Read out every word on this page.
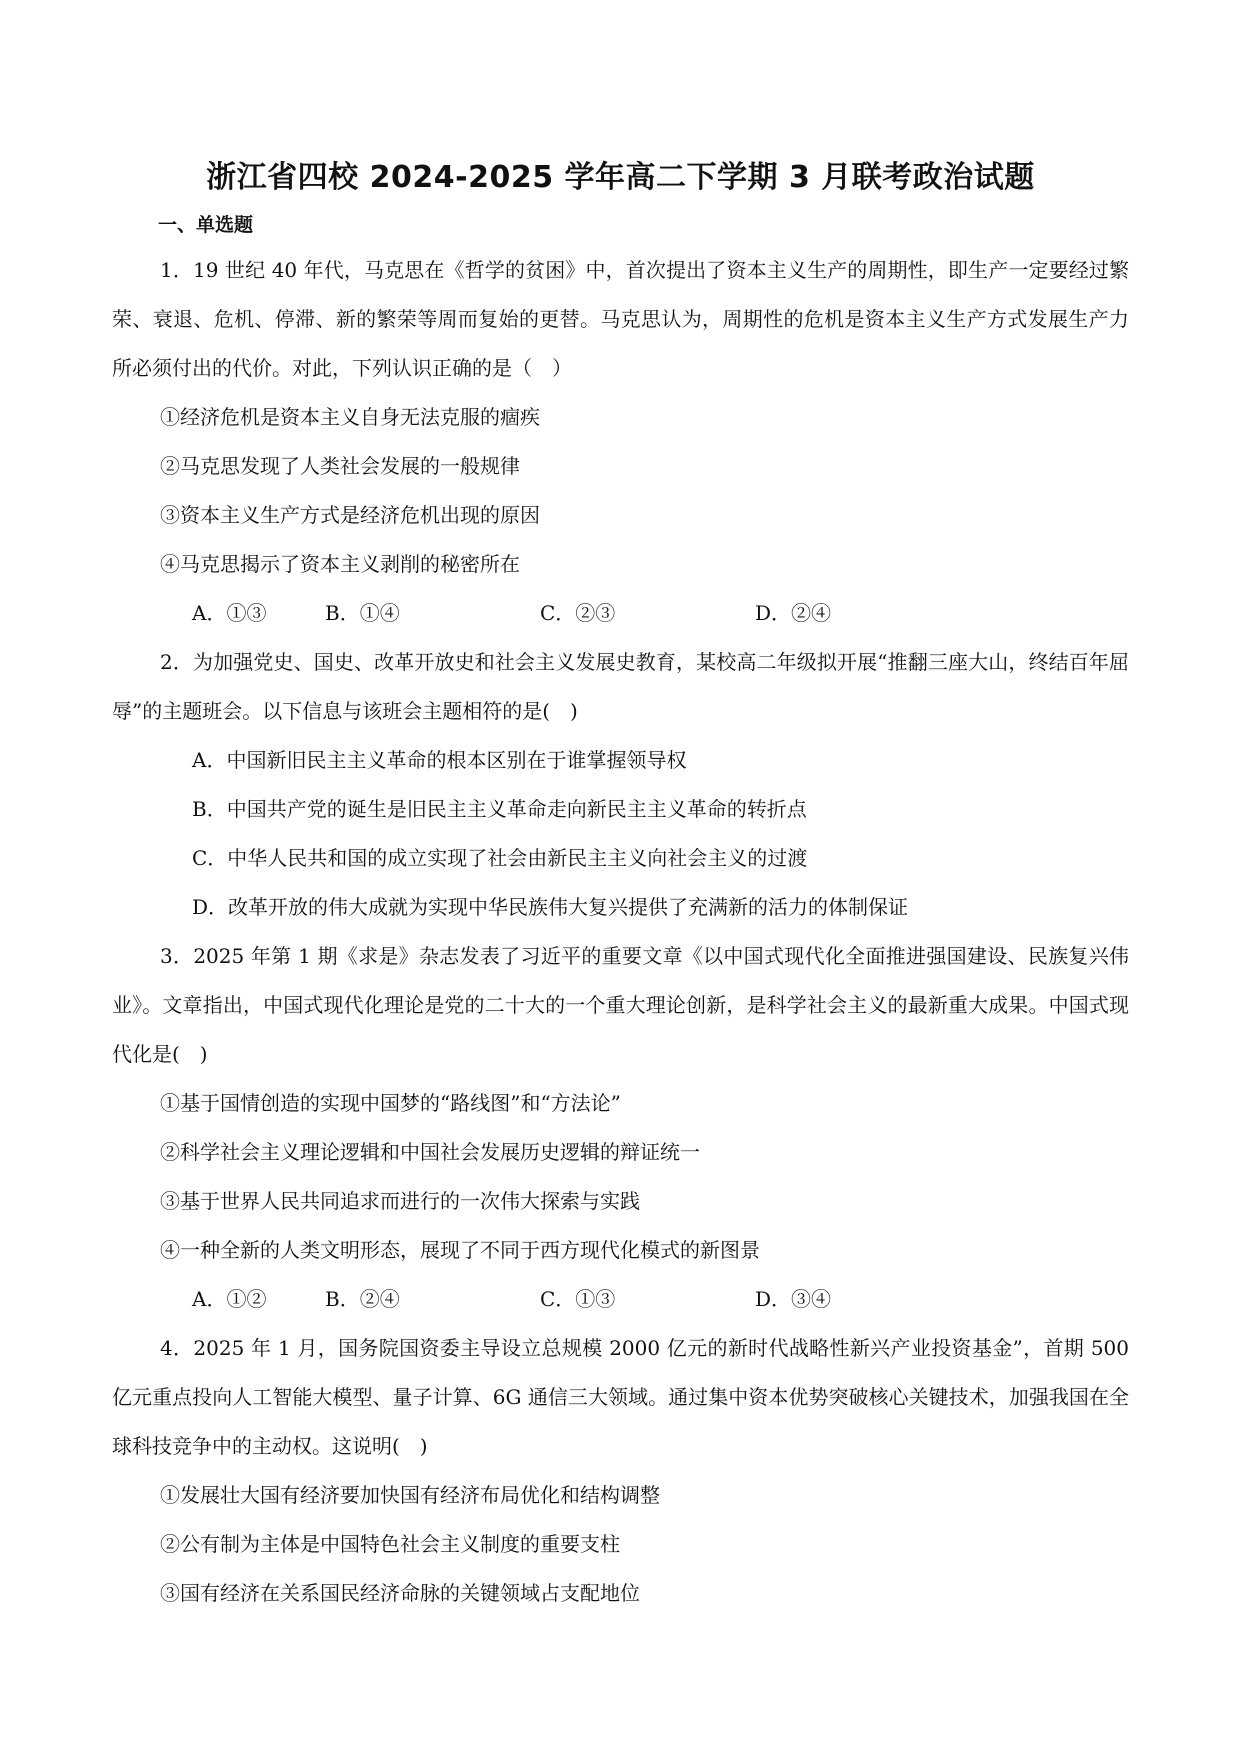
浙江省四校 2024-2025 学年高二下学期 3 月联考政治试题
一、单选题

1．19 世纪 40 年代，马克思在《哲学的贫困》中，首次提出了资本主义生产的周期性，即生产一定要经过繁荣、衰退、危机、停滞、新的繁荣等周而复始的更替。马克思认为，周期性的危机是资本主义生产方式发展生产力所必须付出的代价。对此，下列认识正确的是（　）

①经济危机是资本主义自身无法克服的痼疾

②马克思发现了人类社会发展的一般规律

③资本主义生产方式是经济危机出现的原因

④马克思揭示了资本主义剥削的秘密所在

A．①③	B．①④	C．②③	D．②④

2．为加强党史、国史、改革开放史和社会主义发展史教育，某校高二年级拟开展“推翻三座大山，终结百年屈辱”的主题班会。以下信息与该班会主题相符的是(　)

A．中国新旧民主主义革命的根本区别在于谁掌握领导权

B．中国共产党的诞生是旧民主主义革命走向新民主主义革命的转折点

C．中华人民共和国的成立实现了社会由新民主主义向社会主义的过渡

D．改革开放的伟大成就为实现中华民族伟大复兴提供了充满新的活力的体制保证

3．2025 年第 1 期《求是》杂志发表了习近平的重要文章《以中国式现代化全面推进强国建设、民族复兴伟业》。文章指出，中国式现代化理论是党的二十大的一个重大理论创新，是科学社会主义的最新重大成果。中国式现代化是(　)

①基于国情创造的实现中国梦的“路线图”和“方法论”

②科学社会主义理论逻辑和中国社会发展历史逻辑的辩证统一

③基于世界人民共同追求而进行的一次伟大探索与实践

④一种全新的人类文明形态，展现了不同于西方现代化模式的新图景

A．①②	B．②④	C．①③	D．③④

4．2025 年 1 月，国务院国资委主导设立总规模 2000 亿元的新时代战略性新兴产业投资基金”，首期 500 亿元重点投向人工智能大模型、量子计算、6G 通信三大领域。通过集中资本优势突破核心关键技术，加强我国在全球科技竞争中的主动权。这说明(　)

①发展壮大国有经济要加快国有经济布局优化和结构调整

②公有制为主体是中国特色社会主义制度的重要支柱

③国有经济在关系国民经济命脉的关键领域占支配地位
